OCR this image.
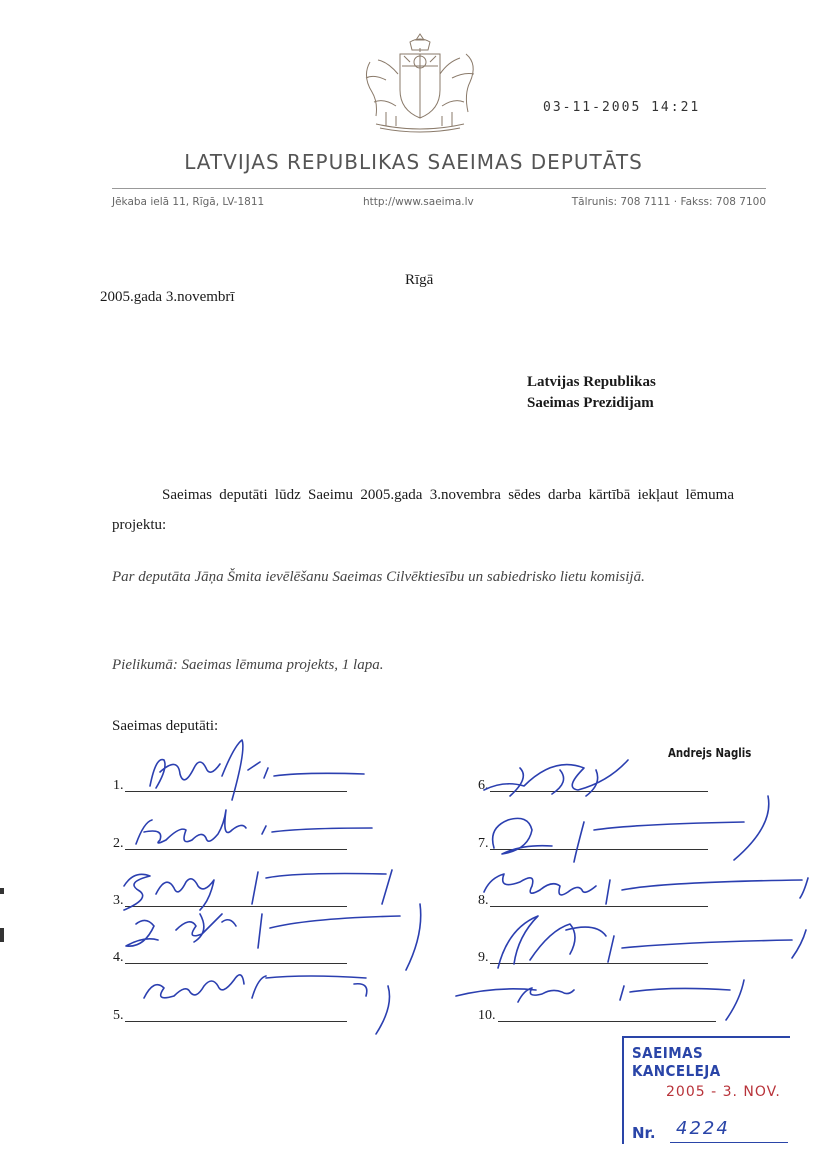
03-11-2005 14:21
LATVIJAS REPUBLIKAS SAEIMAS DEPUTĀTS
Jēkaba ielā 11, Rīgā, LV-1811	http://www.saeima.lv	Tālrunis: 708 7111 · Fakss: 708 7100
Rīgā
2005.gada 3.novembrī
Latvijas Republikas
Saeimas Prezidijam

Saeimas deputāti lūdz Saeimu 2005.gada 3.novembra sēdes darba kārtībā iekļaut lēmuma projektu:

Par deputāta Jāņa Šmita ievēlēšanu Saeimas Cilvēktiesību un sabiedrisko lietu komisijā.

Pielikumā: Saeimas lēmuma projekts, 1 lapa.
Saeimas deputāti:
1.
2.
3.
4.
5.
6.
7.
8.
9.
10.
Andrejs Naglis
SAEIMAS KANCELEJA
2005 - 3. NOV.
Nr. 4224
